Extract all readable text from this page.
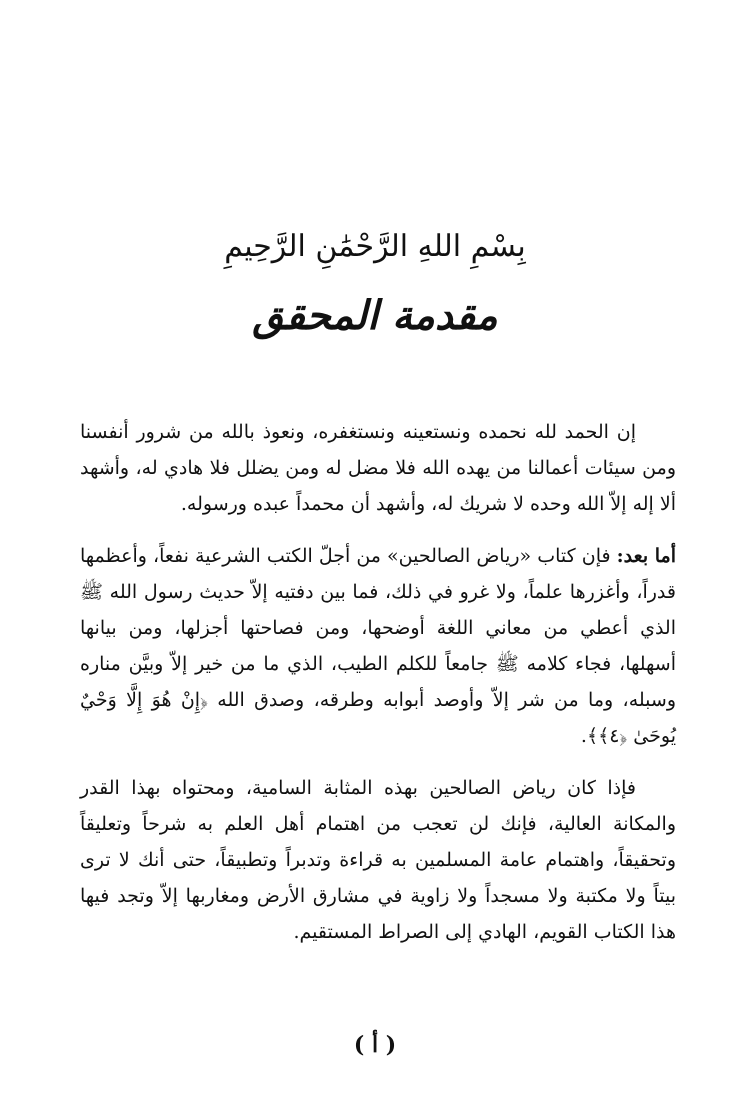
بِسْمِ اللهِ الرَّحْمَٰنِ الرَّحِيمِ
مقدمة المحقق

إن الحمد لله نحمده ونستعينه ونستغفره، ونعوذ بالله من شرور أنفسنا ومن سيئات أعمالنا من يهده الله فلا مضل له ومن يضلل فلا هادي له، وأشهد ألا إله إلاّ الله وحده لا شريك له، وأشهد أن محمداً عبده ورسوله.

أما بعد: فإن كتاب «رياض الصالحين» من أجلّ الكتب الشرعية نفعاً، وأعظمها قدراً، وأغزرها علماً، ولا غرو في ذلك، فما بين دفتيه إلاّ حديث رسول الله ﷺ الذي أعطي من معاني اللغة أوضحها، ومن فصاحتها أجزلها، ومن بيانها أسهلها، فجاء كلامه ﷺ جامعاً للكلم الطيب، الذي ما من خير إلاّ وبيَّن مناره وسبله، وما من شر إلاّ وأوصد أبوابه وطرقه، وصدق الله ﴿إِنْ هُوَ إِلَّا وَحْيٌ يُوحَىٰ ﴿٤﴾﴾.

فإذا كان رياض الصالحين بهذه المثابة السامية، ومحتواه بهذا القدر والمكانة العالية، فإنك لن تعجب من اهتمام أهل العلم به شرحاً وتعليقاً وتحقيقاً، واهتمام عامة المسلمين به قراءة وتدبراً وتطبيقاً، حتى أنك لا ترى بيتاً ولا مكتبة ولا مسجداً ولا زاوية في مشارق الأرض ومغاربها إلاّ وتجد فيها هذا الكتاب القويم، الهادي إلى الصراط المستقيم.

( أ )
